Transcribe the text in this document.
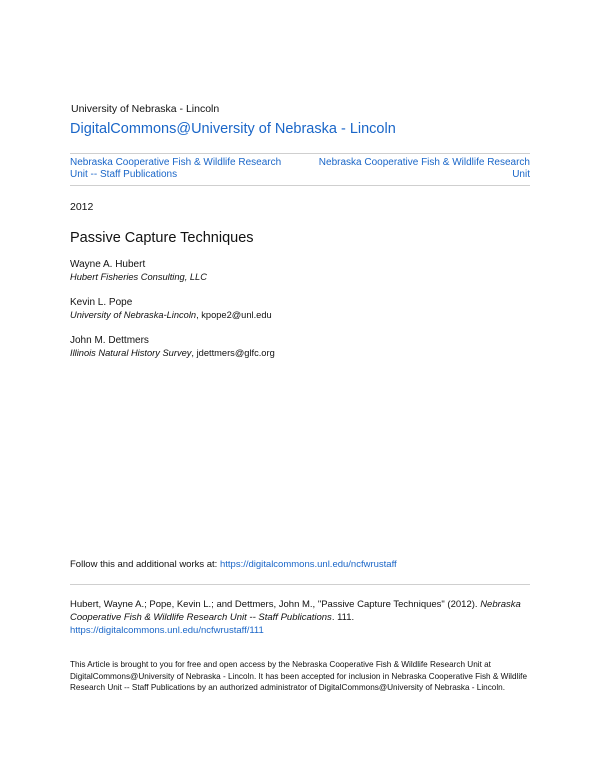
University of Nebraska - Lincoln
DigitalCommons@University of Nebraska - Lincoln
Nebraska Cooperative Fish & Wildlife Research Unit -- Staff Publications
Nebraska Cooperative Fish & Wildlife Research Unit
2012
Passive Capture Techniques
Wayne A. Hubert
Hubert Fisheries Consulting, LLC
Kevin L. Pope
University of Nebraska-Lincoln, kpope2@unl.edu
John M. Dettmers
Illinois Natural History Survey, jdettmers@glfc.org
Follow this and additional works at: https://digitalcommons.unl.edu/ncfwrustaff
Hubert, Wayne A.; Pope, Kevin L.; and Dettmers, John M., "Passive Capture Techniques" (2012). Nebraska Cooperative Fish & Wildlife Research Unit -- Staff Publications. 111.
https://digitalcommons.unl.edu/ncfwrustaff/111
This Article is brought to you for free and open access by the Nebraska Cooperative Fish & Wildlife Research Unit at DigitalCommons@University of Nebraska - Lincoln. It has been accepted for inclusion in Nebraska Cooperative Fish & Wildlife Research Unit -- Staff Publications by an authorized administrator of DigitalCommons@University of Nebraska - Lincoln.
